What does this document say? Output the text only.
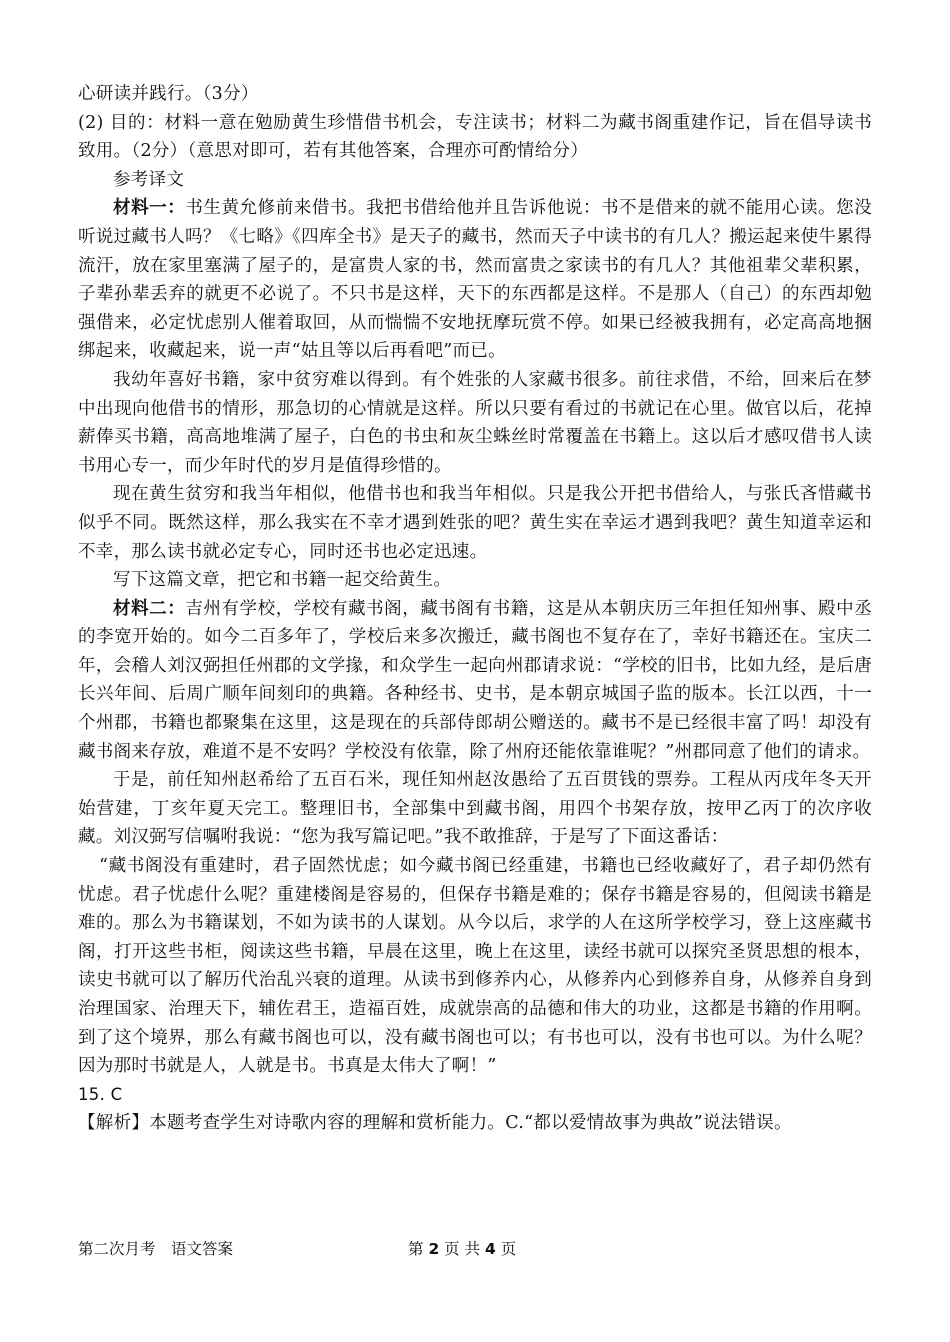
心研读并践行。（3分）

(2) 目的：材料一意在勉励黄生珍惜借书机会，专注读书；材料二为藏书阁重建作记，旨在倡导读书致用。（2分）（意思对即可，若有其他答案，合理亦可酌情给分）

参考译文

材料一：书生黄允修前来借书。我把书借给他并且告诉他说：书不是借来的就不能用心读。您没听说过藏书人吗？《七略》《四库全书》是天子的藏书，然而天子中读书的有几人？搬运起来使牛累得流汗，放在家里塞满了屋子的，是富贵人家的书，然而富贵之家读书的有几人？其他祖辈父辈积累，子辈孙辈丢弃的就更不必说了。不只书是这样，天下的东西都是这样。不是那人（自己）的东西却勉强借来，必定忧虑别人催着取回，从而惴惴不安地抚摩玩赏不停。如果已经被我拥有，必定高高地捆绑起来，收藏起来，说一声“姑且等以后再看吧”而已。

我幼年喜好书籍，家中贫穷难以得到。有个姓张的人家藏书很多。前往求借，不给，回来后在梦中出现向他借书的情形，那急切的心情就是这样。所以只要有看过的书就记在心里。做官以后，花掉薪俸买书籍，高高地堆满了屋子，白色的书虫和灰尘蛛丝时常覆盖在书籍上。这以后才感叹借书人读书用心专一，而少年时代的岁月是值得珍惜的。

现在黄生贫穷和我当年相似，他借书也和我当年相似。只是我公开把书借给人，与张氏吝惜藏书似乎不同。既然这样，那么我实在不幸才遇到姓张的吧？黄生实在幸运才遇到我吧？黄生知道幸运和不幸，那么读书就必定专心，同时还书也必定迅速。

写下这篇文章，把它和书籍一起交给黄生。

材料二：吉州有学校，学校有藏书阁，藏书阁有书籍，这是从本朝庆历三年担任知州事、殿中丞的李宽开始的。如今二百多年了，学校后来多次搬迁，藏书阁也不复存在了，幸好书籍还在。宝庆二年，会稽人刘汉弼担任州郡的文学掾，和众学生一起向州郡请求说：“学校的旧书，比如九经，是后唐长兴年间、后周广顺年间刻印的典籍。各种经书、史书，是本朝京城国子监的版本。长江以西，十一个州郡，书籍也都聚集在这里，这是现在的兵部侍郎胡公赠送的。藏书不是已经很丰富了吗！却没有藏书阁来存放，难道不是不安吗？学校没有依靠，除了州府还能依靠谁呢？”州郡同意了他们的请求。

于是，前任知州赵希给了五百石米，现任知州赵汝愚给了五百贯钱的票券。工程从丙戌年冬天开始营建，丁亥年夏天完工。整理旧书，全部集中到藏书阁，用四个书架存放，按甲乙丙丁的次序收藏。刘汉弼写信嘱咐我说：“您为我写篇记吧。”我不敢推辞，于是写了下面这番话：

“藏书阁没有重建时，君子固然忧虑；如今藏书阁已经重建，书籍也已经收藏好了，君子却仍然有忧虑。君子忧虑什么呢？重建楼阁是容易的，但保存书籍是难的；保存书籍是容易的，但阅读书籍是难的。那么为书籍谋划，不如为读书的人谋划。从今以后，求学的人在这所学校学习，登上这座藏书阁，打开这些书柜，阅读这些书籍，早晨在这里，晚上在这里，读经书就可以探究圣贤思想的根本，读史书就可以了解历代治乱兴衰的道理。从读书到修养内心，从修养内心到修养自身，从修养自身到治理国家、治理天下，辅佐君王，造福百姓，成就崇高的品德和伟大的功业，这都是书籍的作用啊。到了这个境界，那么有藏书阁也可以，没有藏书阁也可以；有书也可以，没有书也可以。为什么呢？因为那时书就是人，人就是书。书真是太伟大了啊！”

15. C

【解析】本题考查学生对诗歌内容的理解和赏析能力。C.“都以爱情故事为典故”说法错误。

第二次月考　语文答案	第 2 页 共 4 页
